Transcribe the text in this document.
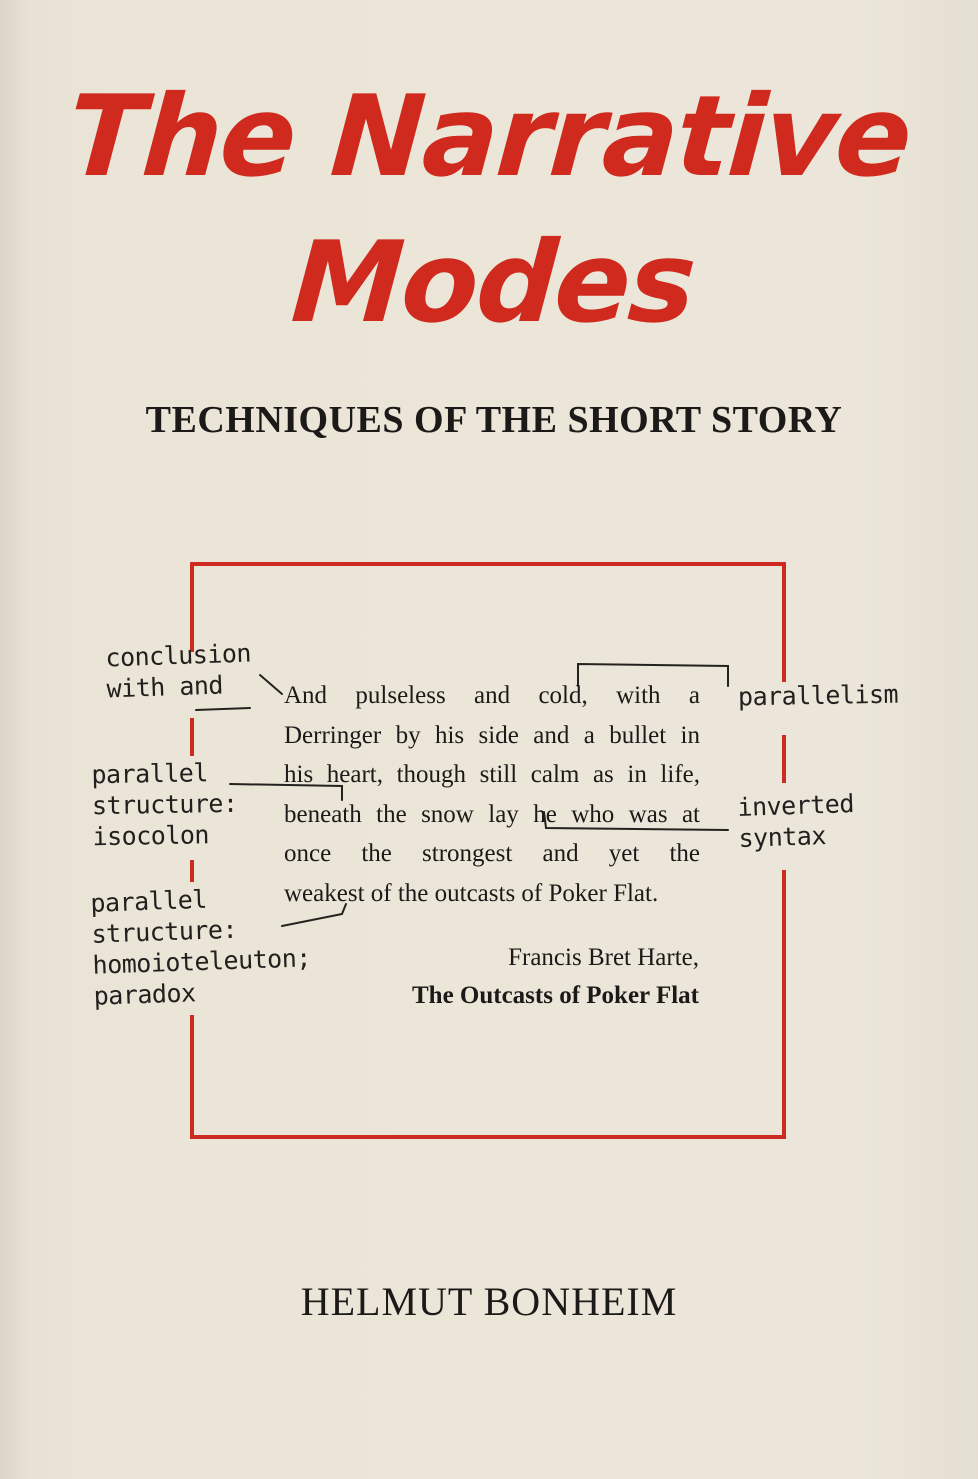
The Narrative
Modes
TECHNIQUES OF THE SHORT STORY

And pulseless and cold, with a
Derringer by his side and a bullet in
his heart, though still calm as in life,
beneath the snow lay he who was at
once the strongest and yet the
weakest of the outcasts of Poker Flat.

Francis Bret Harte,

The Outcasts of Poker Flat

conclusion
with and	parallelism
parallel
structure:
isocolon
inverted
syntax
parallel
structure:
homoioteleuton;
paradox

HELMUT BONHEIM
